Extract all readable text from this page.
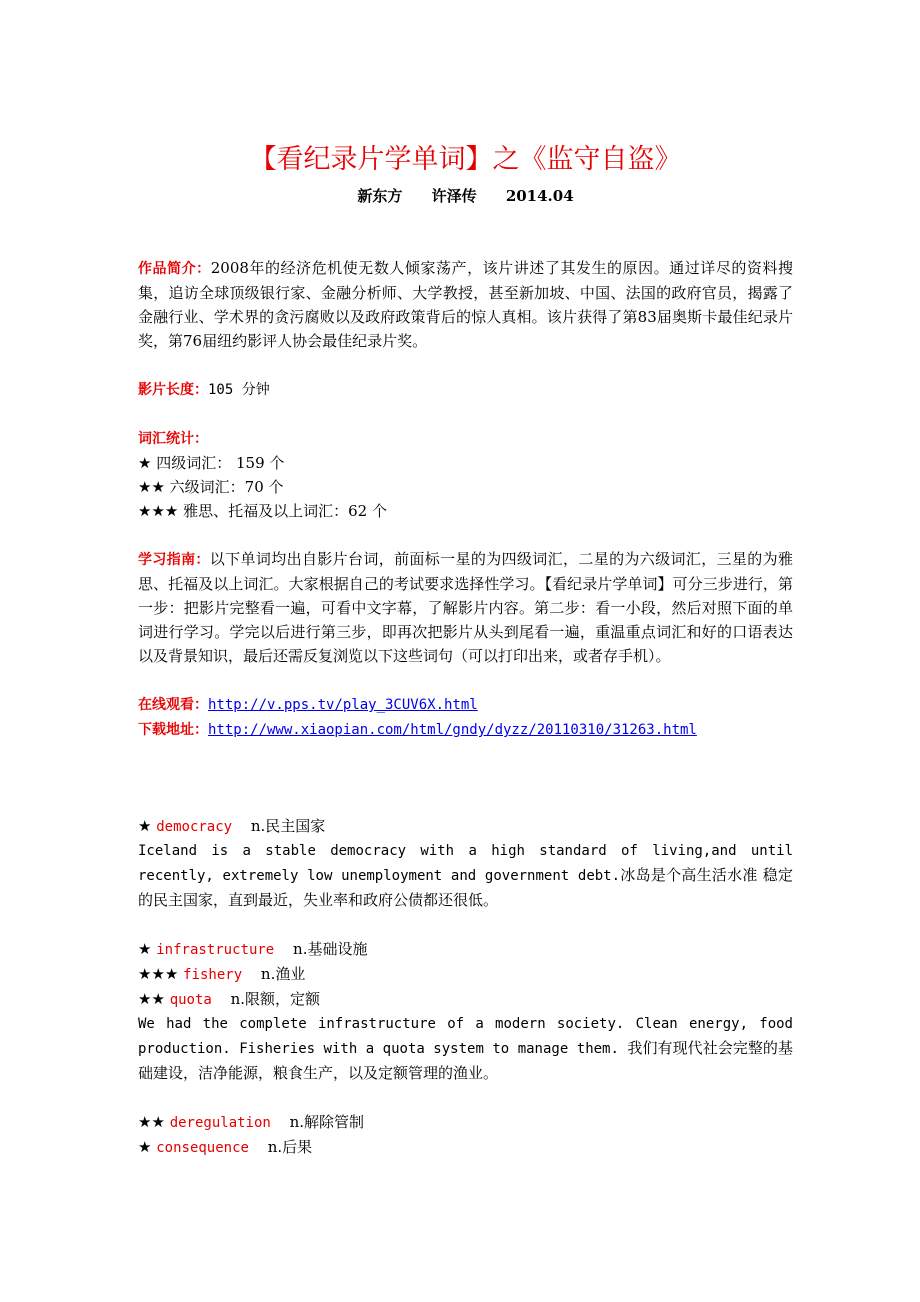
【看纪录片学单词】之《监守自盗》
新东方 许泽传 2014.04

作品简介：2008年的经济危机使无数人倾家荡产，该片讲述了其发生的原因。通过详尽的资料搜集，追访全球顶级银行家、金融分析师、大学教授，甚至新加坡、中国、法国的政府官员，揭露了金融行业、学术界的贪污腐败以及政府政策背后的惊人真相。该片获得了第83届奥斯卡最佳纪录片奖，第76届纽约影评人协会最佳纪录片奖。

影片长度：105 分钟

词汇统计：

★ 四级词汇： 159 个

★★ 六级词汇：70 个

★★★ 雅思、托福及以上词汇：62 个

学习指南：以下单词均出自影片台词，前面标一星的为四级词汇，二星的为六级词汇，三星的为雅思、托福及以上词汇。大家根据自己的考试要求选择性学习。【看纪录片学单词】可分三步进行，第一步：把影片完整看一遍，可看中文字幕，了解影片内容。第二步：看一小段，然后对照下面的单词进行学习。学完以后进行第三步，即再次把影片从头到尾看一遍，重温重点词汇和好的口语表达以及背景知识，最后还需反复浏览以下这些词句（可以打印出来，或者存手机）。

在线观看：http://v.pps.tv/play_3CUV6X.html

下载地址：http://www.xiaopian.com/html/gndy/dyzz/20110310/31263.html

★ democracy n.民主国家

Iceland is a stable democracy with a high standard of living,and until recently, extremely low unemployment and government debt.冰岛是个高生活水准 稳定的民主国家，直到最近，失业率和政府公债都还很低。

★ infrastructure n.基础设施

★★★ fishery n.渔业

★★ quota n.限额，定额

We had the complete infrastructure of a modern society. Clean energy, food production. Fisheries with a quota system to manage them. 我们有现代社会完整的基础建设，洁净能源，粮食生产，以及定额管理的渔业。

★★ deregulation n.解除管制

★ consequence n.后果
